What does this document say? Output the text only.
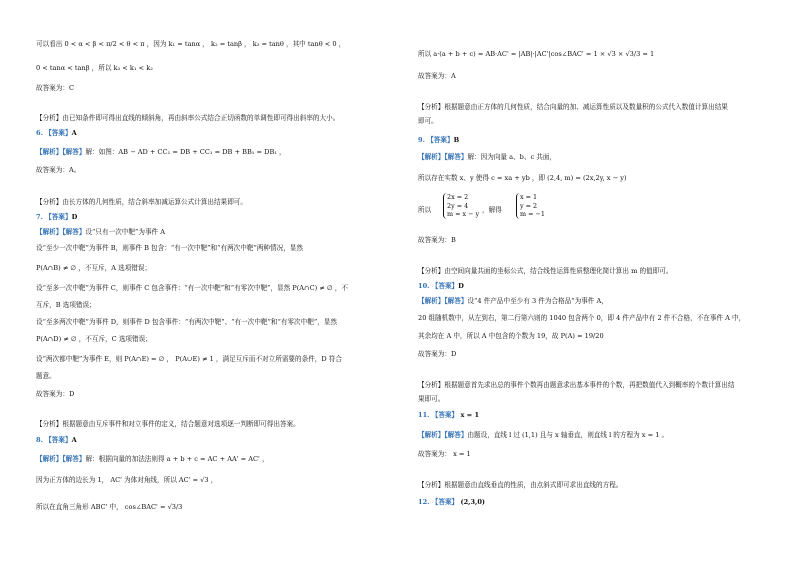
可以看出 0 < α < β < π/2 < θ < π ，因为 k₁ = tanα ， k₂ = tanβ ， k₃ = tanθ ，其中 tanθ < 0 ，
0 < tanα < tanβ ，所以 k₃ < k₁ < k₂
故答案为：C
【分析】由已知条件即可得出直线的倾斜角，再由斜率公式结合正切函数的单调性即可得出斜率的大小。
6. 【答案】A
【解析】【解答】解：如图：AB − AD + CC₁ = DB + CC₁ = DB + BB₁ = DB₁ ，
故答案为：A。
【分析】由长方体的几何性质，结合斜率加减运算公式计算出结果即可。
7. 【答案】D
【解析】【解答】设“只有一次中靶”为事件 A
设“至少一次中靶”为事件 B，则事件 B 包含：“有一次中靶”和“有两次中靶”两种情况，显然
P(A∩B) ≠ ∅ ，不互斥，A 选项错误；
设“至多一次中靶”为事件 C，则事件 C 包含事件：“有一次中靶”和“有零次中靶”，显然 P(A∩C) ≠ ∅ ，不
互斥，B 选项错误；
设“至多两次中靶”为事件 D，则事件 D 包含事件：“有两次中靶”、“有一次中靶”和“有零次中靶”，显然
P(A∩D) ≠ ∅ ，不互斥，C 选项错误；
设“两次都中靶”为事件 E，则 P(A∩E) = ∅ ， P(A∪E) ≠ 1 ，满足互斥而不对立所需要的条件，D 符合
题意。
故答案为：D
【分析】根据题意由互斥事件和对立事件的定义，结合题意对选项逐一判断即可得出答案。
8. 【答案】A
【解析】【解答】解：根据向量的加法法则得 a + b + c = AC + AA' = AC' ，
因为正方体的边长为 1， AC' 为体对角线，所以 AC' = √3 ，
所以在直角三角形 ABC' 中， cos∠BAC' = √3/3
所以 a·(a + b + c) = AB·AC' = |AB|·|AC'|cos∠BAC' = 1 × √3 × √3/3 = 1
故答案为：A
【分析】根据题意由正方体的几何性质，结合向量的加、减运算性质以及数量积的公式代入数值计算出结果
即可。
9. 【答案】B
【解析】【解答】解：因为向量 a、b、c 共面，
所以存在实数 x、y 使得 c = xa + yb ，即 (2,4, m) = (2x,2y, x − y)
所以
2x = 2
2y = 4
m = x − y ，解得
x = 1
y = 2
m = −1
故答案为：B
【分析】由空间向量共面的坐标公式，结合线性运算性质整理化简计算出 m 的值即可。
10. 【答案】D
【解析】【解答】设“4 件产品中至少有 3 件为合格品”为事件 A，
20 组随机数中，从左到右，第二行第六则的 1040 包含两个 0，即 4 件产品中有 2 件不合格，不在事件 A 中，
其余均在 A 中，所以 A 中包含的个数为 19，故 P(A) = 19/20
故答案为：D
【分析】根据题意首先求出总的事件个数再由题意求出基本事件的个数，再把数值代入到概率的个数计算出结
果即可。
11. 【答案】 x = 1
【解析】【解答】由题设，直线 l 过 (1,1) 且与 x 轴垂直，则直线 l 的方程为 x = 1 。
故答案为： x = 1
【分析】根据题意由直线垂直的性质，由点斜式即可求出直线的方程。
12. 【答案】 (2,3,0)
